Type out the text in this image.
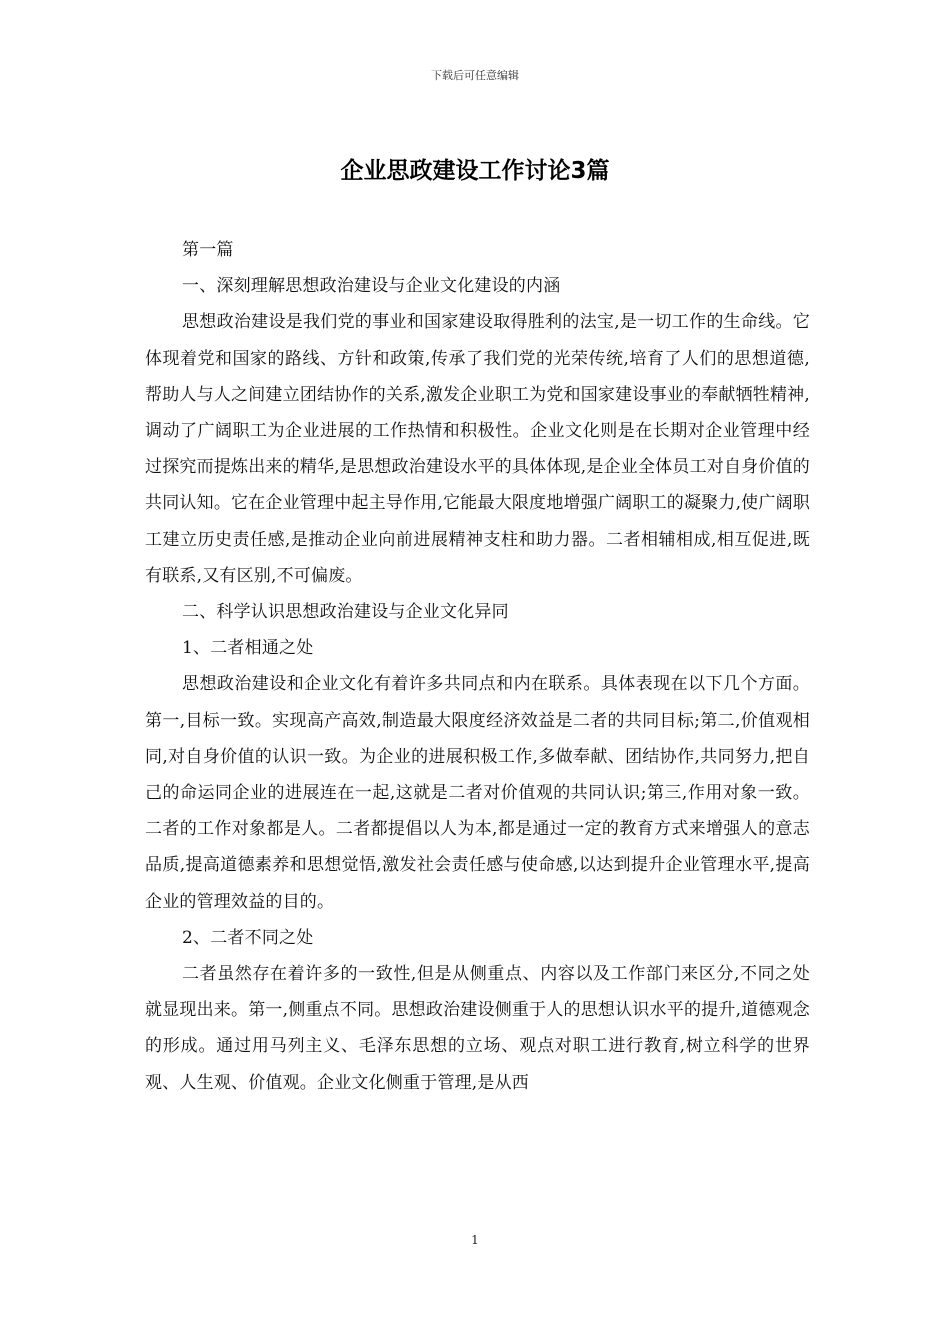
下载后可任意编辑
企业思政建设工作讨论3篇

第一篇

一、深刻理解思想政治建设与企业文化建设的内涵

思想政治建设是我们党的事业和国家建设取得胜利的法宝,是一切工作的生命线。它体现着党和国家的路线、方针和政策,传承了我们党的光荣传统,培育了人们的思想道德,帮助人与人之间建立团结协作的关系,激发企业职工为党和国家建设事业的奉献牺牲精神,调动了广阔职工为企业进展的工作热情和积极性。企业文化则是在长期对企业管理中经过探究而提炼出来的精华,是思想政治建设水平的具体体现,是企业全体员工对自身价值的共同认知。它在企业管理中起主导作用,它能最大限度地增强广阔职工的凝聚力,使广阔职工建立历史责任感,是推动企业向前进展精神支柱和助力器。二者相辅相成,相互促进,既有联系,又有区别,不可偏废。

二、科学认识思想政治建设与企业文化异同

1、二者相通之处

思想政治建设和企业文化有着许多共同点和内在联系。具体表现在以下几个方面。第一,目标一致。实现高产高效,制造最大限度经济效益是二者的共同目标;第二,价值观相同,对自身价值的认识一致。为企业的进展积极工作,多做奉献、团结协作,共同努力,把自己的命运同企业的进展连在一起,这就是二者对价值观的共同认识;第三,作用对象一致。二者的工作对象都是人。二者都提倡以人为本,都是通过一定的教育方式来增强人的意志品质,提高道德素养和思想觉悟,激发社会责任感与使命感,以达到提升企业管理水平,提高企业的管理效益的目的。

2、二者不同之处

二者虽然存在着许多的一致性,但是从侧重点、内容以及工作部门来区分,不同之处就显现出来。第一,侧重点不同。思想政治建设侧重于人的思想认识水平的提升,道德观念的形成。通过用马列主义、毛泽东思想的立场、观点对职工进行教育,树立科学的世界观、人生观、价值观。企业文化侧重于管理,是从西

1
